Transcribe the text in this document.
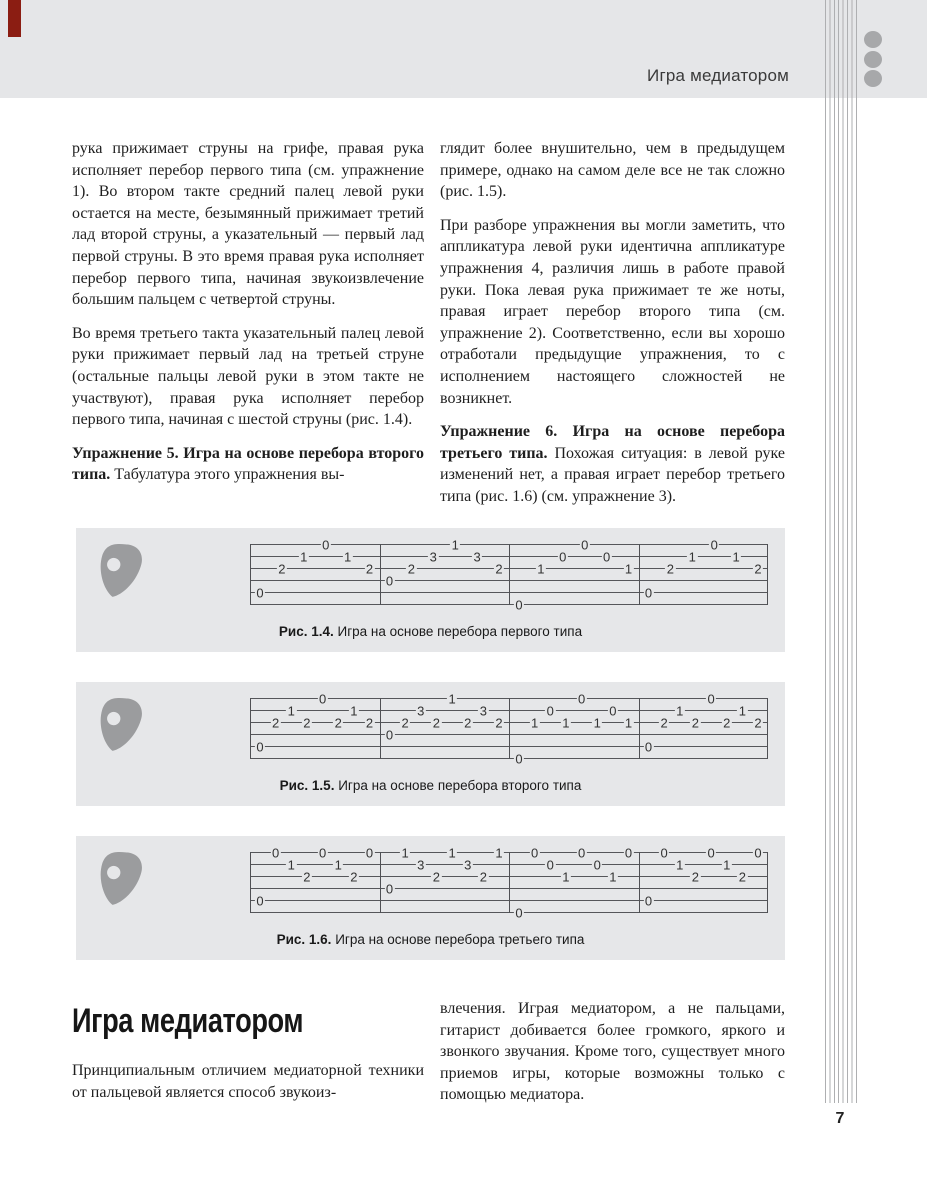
Игра медиатором

рука прижимает струны на грифе, правая рука исполняет перебор первого типа (см. упражнение 1). Во втором такте средний палец левой руки остается на месте, безымянный прижимает третий лад второй струны, а указательный — первый лад первой струны. В это время правая рука исполняет перебор первого типа, начиная звукоизвлечение большим пальцем с четвертой струны.

Во время третьего такта указательный палец левой руки прижимает первый лад на третьей струне (остальные пальцы левой руки в этом такте не участвуют), правая рука исполняет перебор первого типа, начиная с шестой струны (рис. 1.4).

Упражнение 5. Игра на основе перебора второго типа. Табулатура этого упражнения вы-

глядит более внушительно, чем в предыдущем примере, однако на самом деле все не так сложно (рис. 1.5).

При разборе упражнения вы могли заметить, что аппликатура левой руки идентична аппликатуре упражнения 4, различия лишь в работе правой руки. Пока левая рука прижимает те же ноты, правая играет перебор второго типа (см. упражнение 2). Соответственно, если вы хорошо отработали предыдущие упражнения, то с исполнением настоящего сложностей не возникнет.

Упражнение 6. Игра на основе перебора третьего типа. Похожая ситуация: в левой руке изменений нет, а правая играет перебор третьего типа (рис. 1.6) (см. упражнение 3).

0
2
1
0
1
2
0
2
3
1
3
2
0
1
0
0
0
1
0
2
1
0
1
2
Рис. 1.4. Игра на основе перебора первого типа
0
2
1
2
0
2
1
2
0
2
3
2
1
2
3
2
0
1
0
1
0
1
0
1
0
2
1
2
0
2
1
2
Рис. 1.5. Игра на основе перебора второго типа
0
0
1
2
0
1
2
0
0
1
3
2
1
3
2
1
0
0
0
1
0
0
1
0
0
0
1
2
0
1
2
0
Рис. 1.6. Игра на основе перебора третьего типа
Игра медиатором

Принципиальным отличием медиаторной техники от пальцевой является способ звукоиз-

влечения. Играя медиатором, а не пальцами, гитарист добивается более громкого, яркого и звонкого звучания. Кроме того, существует много приемов игры, которые возможны только с помощью медиатора.

7
